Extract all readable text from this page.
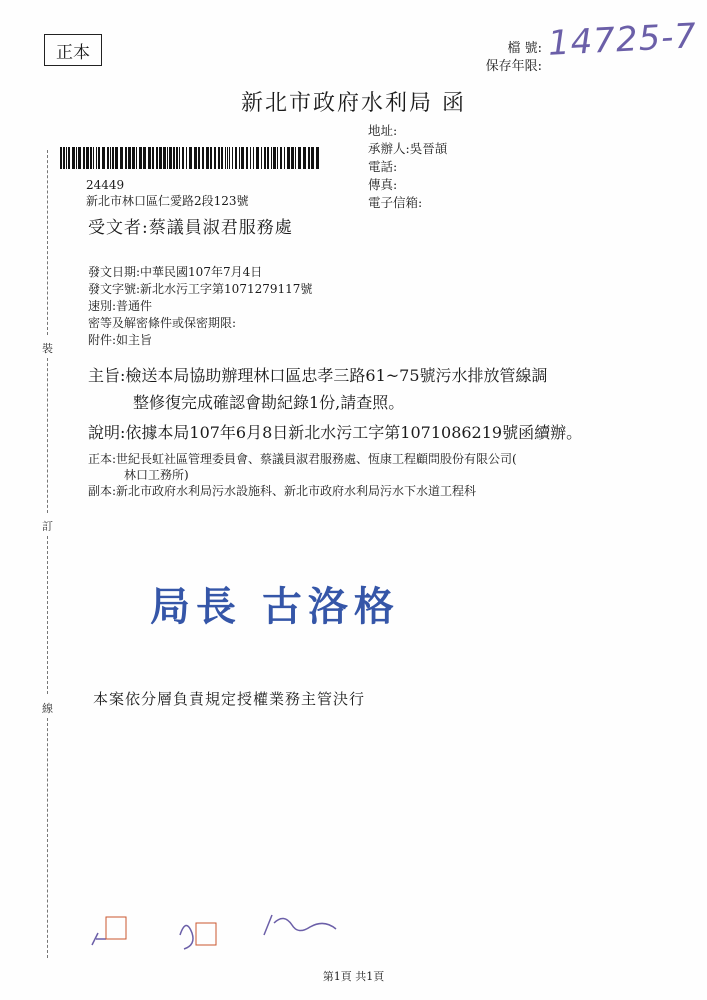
正本	檔 號:
保存年限:
14725-7
新北市政府水利局 函
地址:
承辦人:吳晉頡
電話:
傳真:
電子信箱:
24449
新北市林口區仁愛路2段123號
受文者:蔡議員淑君服務處
發文日期:中華民國107年7月4日
發文字號:新北水污工字第1071279117號
速別:普通件
密等及解密條件或保密期限:
附件:如主旨
主旨:檢送本局協助辦理林口區忠孝三路61~75號污水排放管線調
整修復完成確認會勘紀錄1份,請查照。
說明:依據本局107年6月8日新北水污工字第1071086219號函續辦。
正本:世紀長虹社區管理委員會、蔡議員淑君服務處、恆康工程顧問股份有限公司(
林口工務所)
副本:新北市政府水利局污水設施科、新北市政府水利局污水下水道工程科
裝
訂
線
局長 古洛格
本案依分層負責規定授權業務主管決行
第1頁 共1頁
